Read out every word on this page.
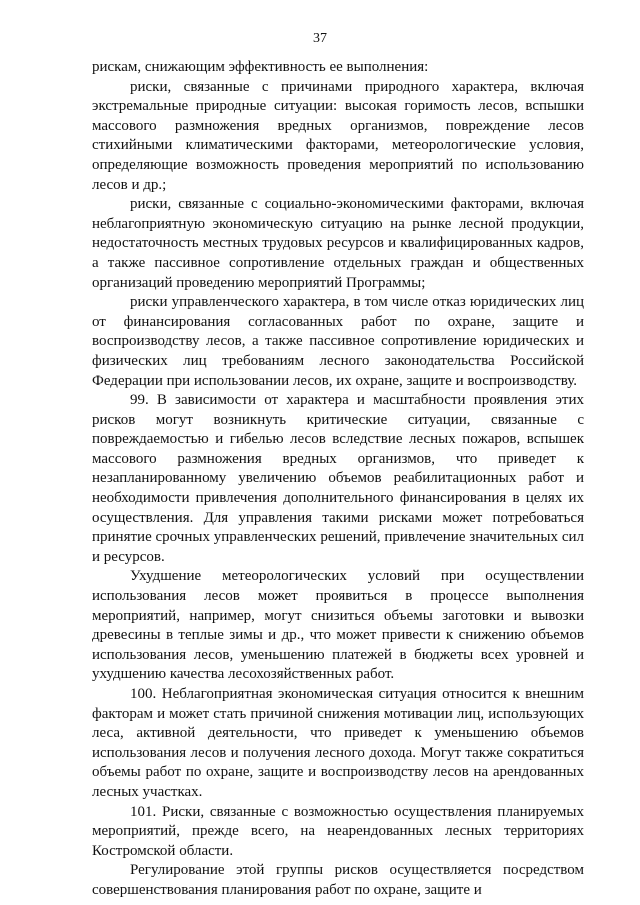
37

рискам, снижающим эффективность ее выполнения:

риски, связанные с причинами природного характера, включая экстремальные природные ситуации: высокая горимость лесов, вспышки массового размножения вредных организмов, повреждение лесов стихийными климатическими факторами, метеорологические условия, определяющие возможность проведения мероприятий по использованию лесов и др.;

риски, связанные с социально-экономическими факторами, включая неблагоприятную экономическую ситуацию на рынке лесной продукции, недостаточность местных трудовых ресурсов и квалифицированных кадров, а также пассивное сопротивление отдельных граждан и общественных организаций проведению мероприятий Программы;

риски управленческого характера, в том числе отказ юридических лиц от финансирования согласованных работ по охране, защите и воспроизводству лесов, а также пассивное сопротивление юридических и физических лиц требованиям лесного законодательства Российской Федерации при использовании лесов, их охране, защите и воспроизводству.

99. В зависимости от характера и масштабности проявления этих рисков могут возникнуть критические ситуации, связанные с повреждаемостью и гибелью лесов вследствие лесных пожаров, вспышек массового размножения вредных организмов, что приведет к незапланированному увеличению объемов реабилитационных работ и необходимости привлечения дополнительного финансирования в целях их осуществления. Для управления такими рисками может потребоваться принятие срочных управленческих решений, привлечение значительных сил и ресурсов.

Ухудшение метеорологических условий при осуществлении использования лесов может проявиться в процессе выполнения мероприятий, например, могут снизиться объемы заготовки и вывозки древесины в теплые зимы и др., что может привести к снижению объемов использования лесов, уменьшению платежей в бюджеты всех уровней и ухудшению качества лесохозяйственных работ.

100. Неблагоприятная экономическая ситуация относится к внешним факторам и может стать причиной снижения мотивации лиц, использующих леса, активной деятельности, что приведет к уменьшению объемов использования лесов и получения лесного дохода. Могут также сократиться объемы работ по охране, защите и воспроизводству лесов на арендованных лесных участках.

101. Риски, связанные с возможностью осуществления планируемых мероприятий, прежде всего, на неарендованных лесных территориях Костромской области.

Регулирование этой группы рисков осуществляется посредством совершенствования планирования работ по охране, защите и
